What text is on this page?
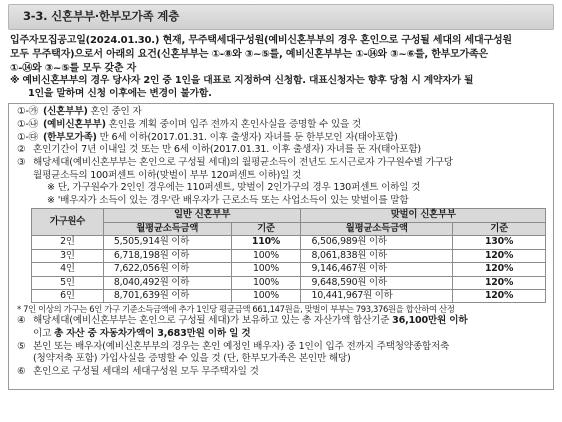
3-3. 신혼부부·한부모가족 계층
입주자모집공고일(2024.01.30.) 현재, 무주택세대구성원(예비신혼부부의 경우 혼인으로 구성될 세대의 세대구성원
모두 무주택자)으로서 아래의 요건(신혼부부는 ①-⑧와 ③~⑤를, 예비신혼부부는 ①-⑭와 ③~⑥를, 한부모가족은
①-⑭와 ③~⑤를 모두 갖춘 자
※ 예비신혼부부의 경우 당사자 2인 중 1인을 대표로 지정하여 신청함. 대표신청자는 향후 당첨 시 계약자가 될
1인을 말하며 신청 이후에는 변경이 불가함.
①-㉮ (신혼부부) 혼인 중인 자
①-㉯ (예비신혼부부) 혼인을 계획 중이며 입주 전까지 혼인사실을 증명할 수 있을 것
①-㉰ (한부모가족) 만 6세 이하(2017.01.31. 이후 출생자) 자녀를 둔 한부모인 자(태아포함)
② 혼인기간이 7년 이내일 것 또는 만 6세 이하(2017.01.31. 이후 출생자) 자녀를 둔 자(태아포함)
③ 해당세대(예비신혼부부는 혼인으로 구성될 세대)의 월평균소득이 전년도 도시근로자 가구원수별 가구당
월평균소득의 100퍼센트 이하(맞벌이 부부 120퍼센트 이하)일 것
※ 단, 가구원수가 2인인 경우에는 110퍼센트, 맞벌이 2인가구의 경우 130퍼센트 이하일 것
※ '배우자가 소득이 있는 경우'란 배우자가 근로소득 또는 사업소득이 있는 맞벌이를 말함
가구원수	일반 신혼부부		맞벌이 신혼부부	
	월평균소득금액	기준	월평균소득금액	기준
2인	5,505,914원 이하	110%	6,506,989원 이하	130%
3인	6,718,198원 이하	100%	8,061,838원 이하	120%
4인	7,622,056원 이하	100%	9,146,467원 이하	120%
5인	8,040,492원 이하	100%	9,648,590원 이하	120%
6인	8,701,639원 이하	100%	10,441,967원 이하	120%
* 7인 이상의 가구는 6인 가구 기준소득금액에 추가 1인당 평균금액 661,147원을, 맞벌이 부부는 793,376원을 합산하여 산정
④ 해당세대(예비신혼부부는 혼인으로 구성될 세대)가 보유하고 있는 총 자산가액 합산기준 36,100만원 이하
이고 총 자산 중 자동차가액이 3,683만원 이하 일 것
⑤ 본인 또는 배우자(예비신혼부부의 경우는 혼인 예정인 배우자) 중 1인이 입주 전까지 주택청약종합저축
(청약저축 포함) 가입사실을 증명할 수 있을 것 (단, 한부모가족은 본인만 해당)
⑥ 혼인으로 구성될 세대의 세대구성원 모두 무주택자일 것
